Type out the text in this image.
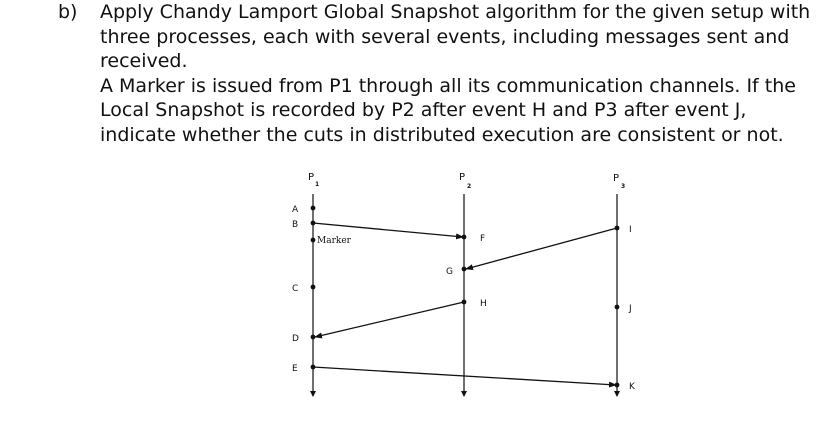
b) Apply Chandy Lamport Global Snapshot algorithm for the given setup with three processes, each with several events, including messages sent and received.

A Marker is issued from P1 through all its communication channels. If the Local Snapshot is recorded by P2 after event H and P3 after event J, indicate whether the cuts in distributed execution are consistent or not.

P
1
P
2
P
3
A
B
Marker
C
D
E
F
G
H
I
J
K
